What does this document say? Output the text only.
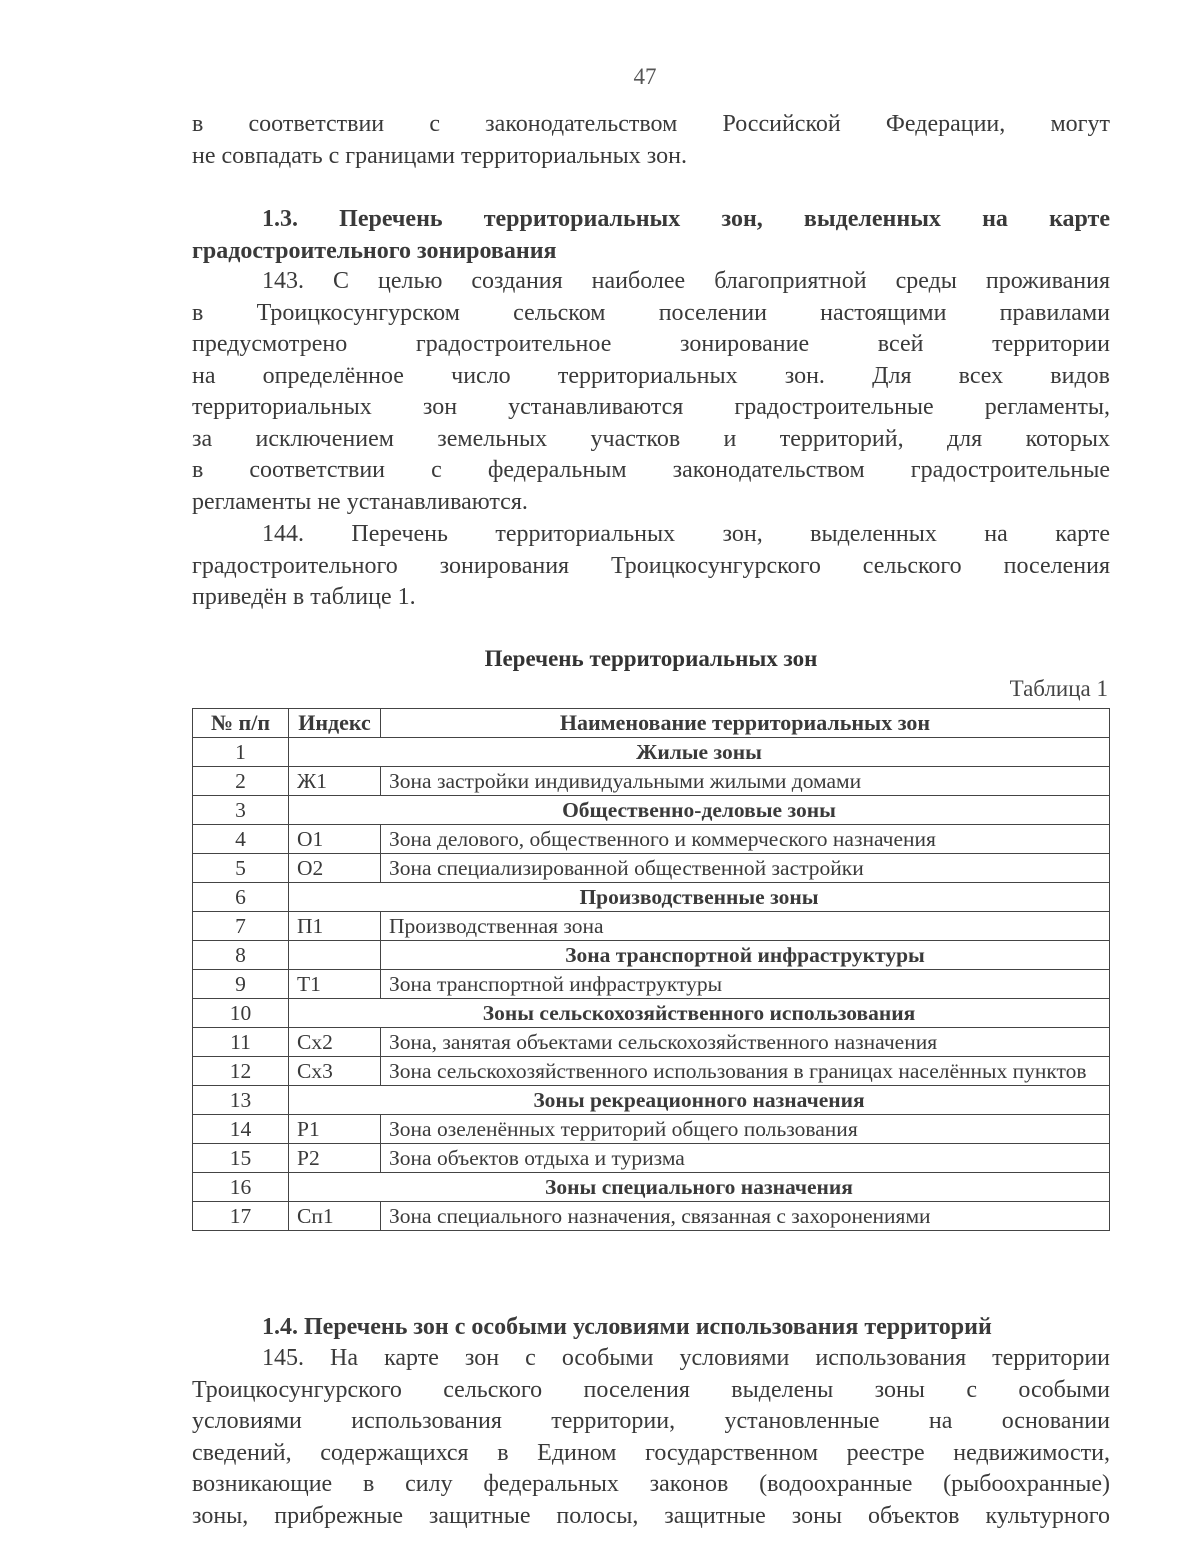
47
в соответствии с законодательством Российской Федерации, могут
не совпадать с границами территориальных зон.
1.3. Перечень территориальных зон, выделенных на карте
градостроительного зонирования
143. С целью создания наиболее благоприятной среды проживания
в Троицкосунгурском сельском поселении настоящими правилами
предусмотрено градостроительное зонирование всей территории
на определённое число территориальных зон. Для всех видов
территориальных зон устанавливаются градостроительные регламенты,
за исключением земельных участков и территорий, для которых
в соответствии с федеральным законодательством градостроительные
регламенты не устанавливаются.
144. Перечень территориальных зон, выделенных на карте
градостроительного зонирования Троицкосунгурского сельского поселения
приведён в таблице 1.
Перечень территориальных зон
Таблица 1
№ п/п	Индекс	Наименование территориальных зон
1	Жилые зоны	
2	Ж1	Зона застройки индивидуальными жилыми домами
3	Общественно-деловые зоны	
4	О1	Зона делового, общественного и коммерческого назначения
5	О2	Зона специализированной общественной застройки
6	Производственные зоны	
7	П1	Производственная зона
8		Зона транспортной инфраструктуры
9	Т1	Зона транспортной инфраструктуры
10	Зоны сельскохозяйственного использования	
11	Сх2	Зона, занятая объектами сельскохозяйственного назначения
12	Сх3	Зона сельскохозяйственного использования в границах населённых пунктов
13	Зоны рекреационного назначения	
14	Р1	Зона озеленённых территорий общего пользования
15	Р2	Зона объектов отдыха и туризма
16	Зоны специального назначения	
17	Сп1	Зона специального назначения, связанная с захоронениями
1.4. Перечень зон с особыми условиями использования территорий
145. На карте зон с особыми условиями использования территории
Троицкосунгурского сельского поселения выделены зоны с особыми
условиями использования территории, установленные на основании
сведений, содержащихся в Едином государственном реестре недвижимости,
возникающие в силу федеральных законов (водоохранные (рыбоохранные)
зоны, прибрежные защитные полосы, защитные зоны объектов культурного
